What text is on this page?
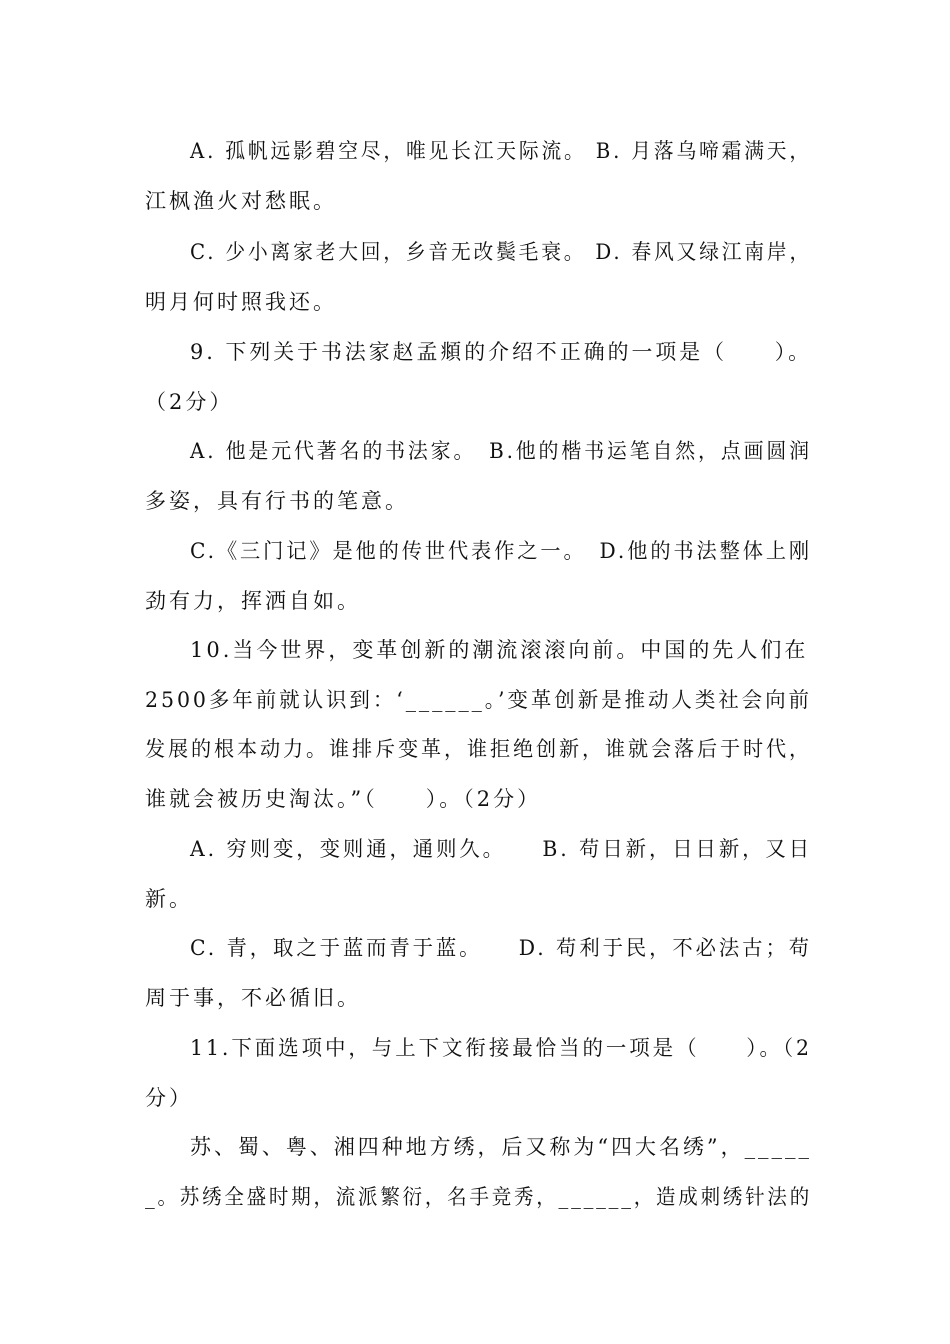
A. 孤帆远影碧空尽，唯见长江天际流。 B. 月落乌啼霜满天，
江枫渔火对愁眠。
C. 少小离家老大回，乡音无改鬓毛衰。 D. 春风又绿江南岸，
明月何时照我还。
9. 下列关于书法家赵孟頫的介绍不正确的一项是（　　）。
（2分）
A. 他是元代著名的书法家。　B.他的楷书运笔自然，点画圆润
多姿，具有行书的笔意。
C.《三门记》是他的传世代表作之一。　D.他的书法整体上刚
劲有力，挥洒自如。
10.当今世界，变革创新的潮流滚滚向前。中国的先人们在
2500多年前就认识到：‘______。’变革创新是推动人类社会向前
发展的根本动力。谁排斥变革，谁拒绝创新，谁就会落后于时代，
谁就会被历史淘汰。”（　　）。（2分）
A. 穷则变，变则通，通则久。　　B. 苟日新，日日新，又日
新。
C. 青，取之于蓝而青于蓝。　　D. 苟利于民，不必法古；苟
周于事，不必循旧。
11.下面选项中，与上下文衔接最恰当的一项是（　　）。（2
分）
苏、蜀、粤、湘四种地方绣，后又称为“四大名绣”，_____
_。苏绣全盛时期，流派繁衍，名手竞秀，______，造成刺绣针法的
